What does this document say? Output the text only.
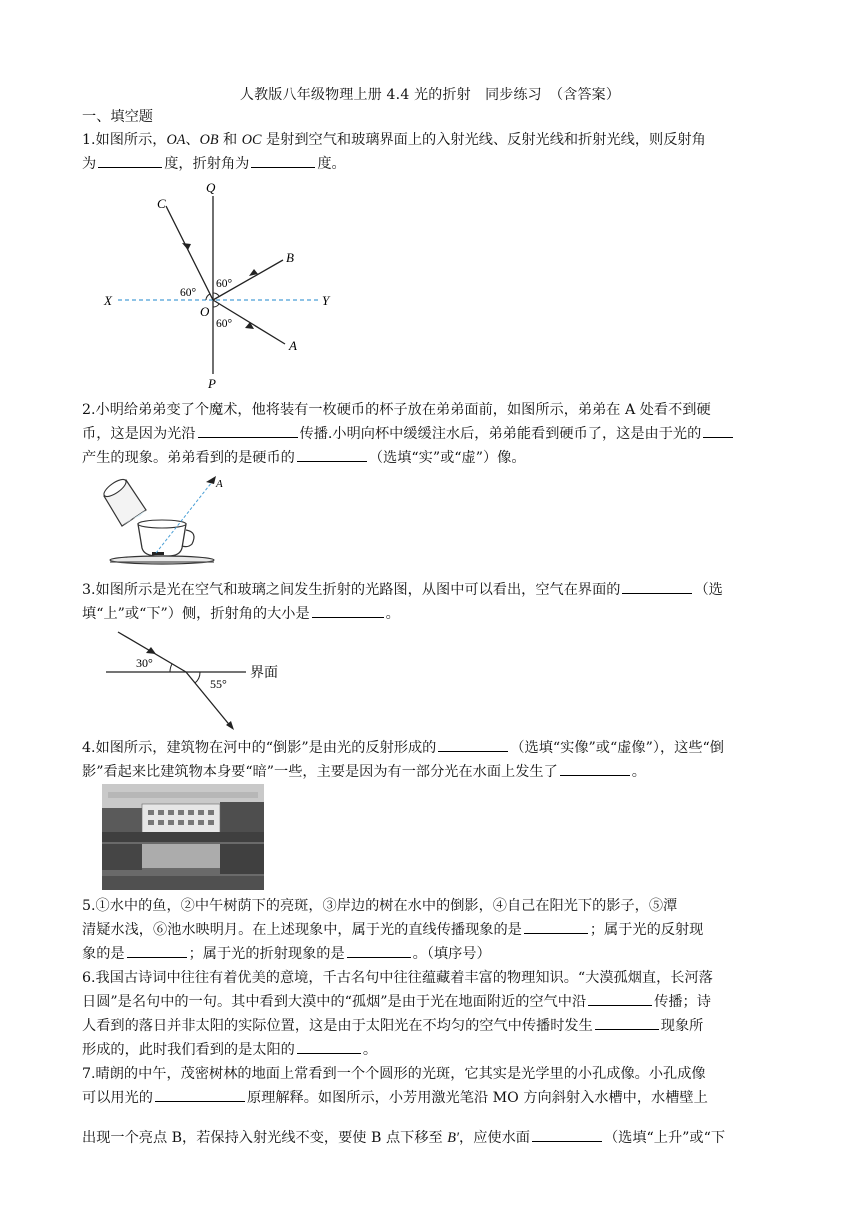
人教版八年级物理上册 4.4 光的折射　同步练习　（含答案）
一、填空题
1.如图所示，OA、OB 和 OC 是射到空气和玻璃界面上的入射光线、反射光线和折射光线，则反射角
为	度，折射角为	度。
C
Q
B
X	Y
O
A
P
60°
60°
60°
2.小明给弟弟变了个魔术，他将装有一枚硬币的杯子放在弟弟面前，如图所示，弟弟在 A 处看不到硬
币，这是因为光沿	传播.小明向杯中缓缓注水后，弟弟能看到硬币了，这是由于光的
产生的现象。弟弟看到的是硬币的	（选填“实”或“虚”）像。
A
3.如图所示是光在空气和玻璃之间发生折射的光路图，从图中可以看出，空气在界面的	（选
填“上”或“下”）侧，折射角的大小是	。
30°
55°
界面
4.如图所示，建筑物在河中的“倒影”是由光的反射形成的	（选填“实像”或“虚像”），这些“倒
影”看起来比建筑物本身要“暗”一些，主要是因为有一部分光在水面上发生了	。
5.①水中的鱼，②中午树荫下的亮斑，③岸边的树在水中的倒影，④自己在阳光下的影子，⑤潭
清疑水浅，⑥池水映明月。在上述现象中，属于光的直线传播现象的是	；属于光的反射现
象的是	；属于光的折射现象的是	。（填序号）
6.我国古诗词中往往有着优美的意境，千古名句中往往蕴藏着丰富的物理知识。“大漠孤烟直，长河落
日圆”是名句中的一句。其中看到大漠中的“孤烟”是由于光在地面附近的空气中沿	传播；诗
人看到的落日并非太阳的实际位置，这是由于太阳光在不均匀的空气中传播时发生	现象所
形成的，此时我们看到的是太阳的	。
7.晴朗的中午，茂密树林的地面上常看到一个个圆形的光斑，它其实是光学里的小孔成像。小孔成像
可以用光的	原理解释。如图所示，小芳用激光笔沿 MO 方向斜射入水槽中，水槽壁上
出现一个亮点 B，若保持入射光线不变，要使 B 点下移至 B′，应使水面	（选填“上升”或“下
